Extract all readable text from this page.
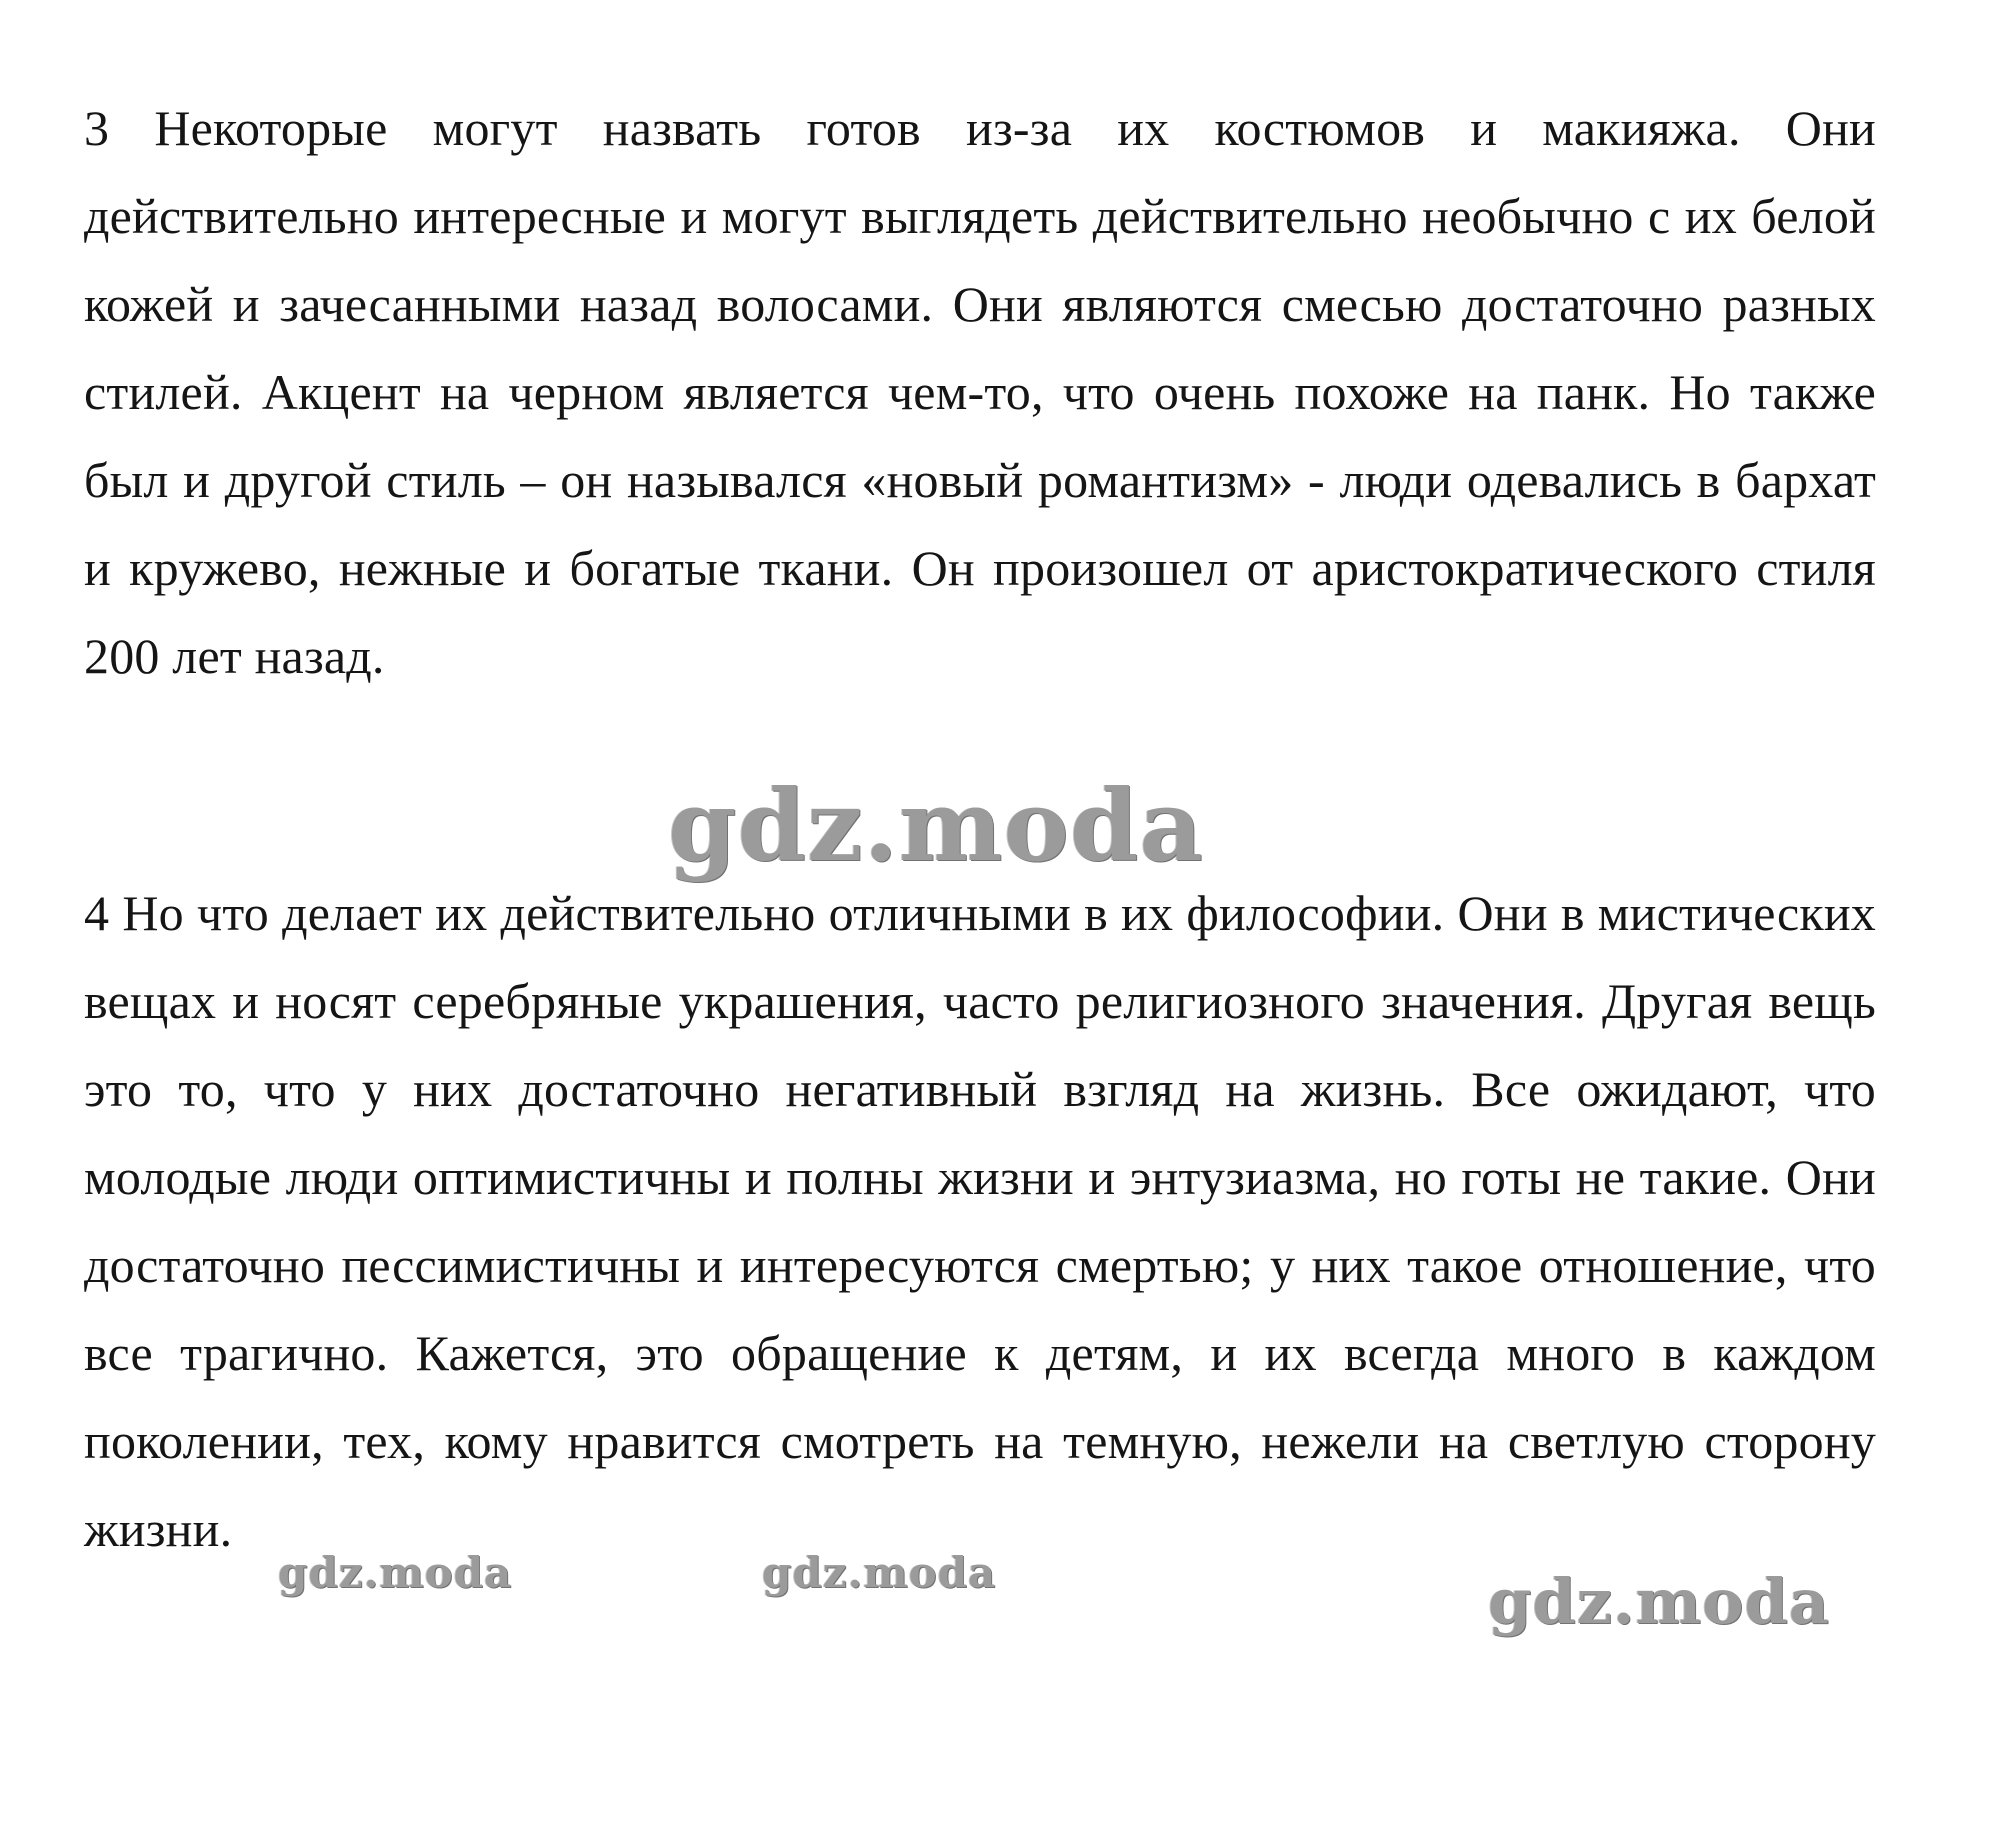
3 Некоторые могут назвать готов из-за их костюмов и макияжа. Они действительно интересные и могут выглядеть действительно необычно с их белой кожей и зачесанными назад волосами. Они являются смесью достаточно разных стилей. Акцент на черном является чем-то, что очень похоже на панк. Но также был и другой стиль – он назывался «новый романтизм» - люди одевались в бархат и кружево, нежные и богатые ткани. Он произошел от аристократического стиля 200 лет назад.

4 Но что делает их действительно отличными в их философии. Они в мистических вещах и носят серебряные украшения, часто религиозного значения. Другая вещь это то, что у них достаточно негативный взгляд на жизнь. Все ожидают, что молодые люди оптимистичны и полны жизни и энтузиазма, но готы не такие. Они достаточно пессимистичны и интересуются смертью; у них такое отношение, что все трагично. Кажется, это обращение к детям, и их всегда много в каждом поколении, тех, кому нравится смотреть на темную, нежели на светлую сторону жизни.

gdz.moda
gdz.moda	gdz.moda	gdz.moda
